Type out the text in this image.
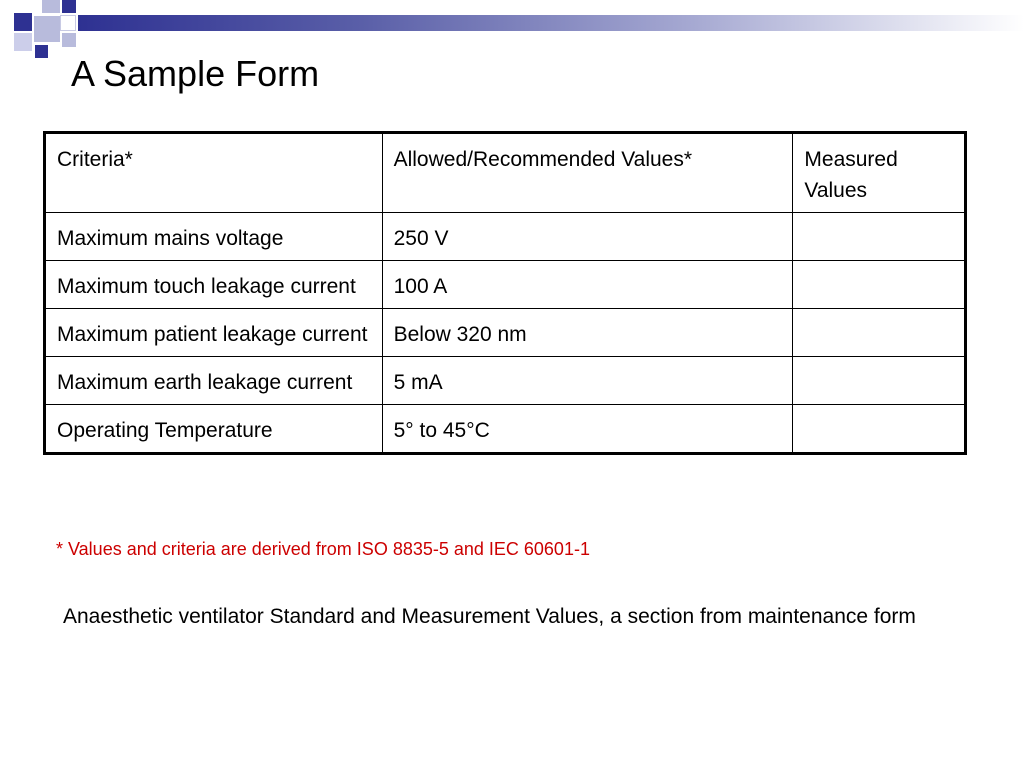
A Sample Form
Criteria*	Allowed/Recommended Values*	Measured Values
Maximum mains voltage	250 V	
Maximum touch leakage current	100 A	
Maximum patient leakage current	Below 320 nm	
Maximum earth leakage current	5 mA	
Operating Temperature	5° to 45°C	
* Values and criteria are derived from ISO 8835-5 and IEC 60601-1
Anaesthetic ventilator Standard and Measurement Values, a section from maintenance form
